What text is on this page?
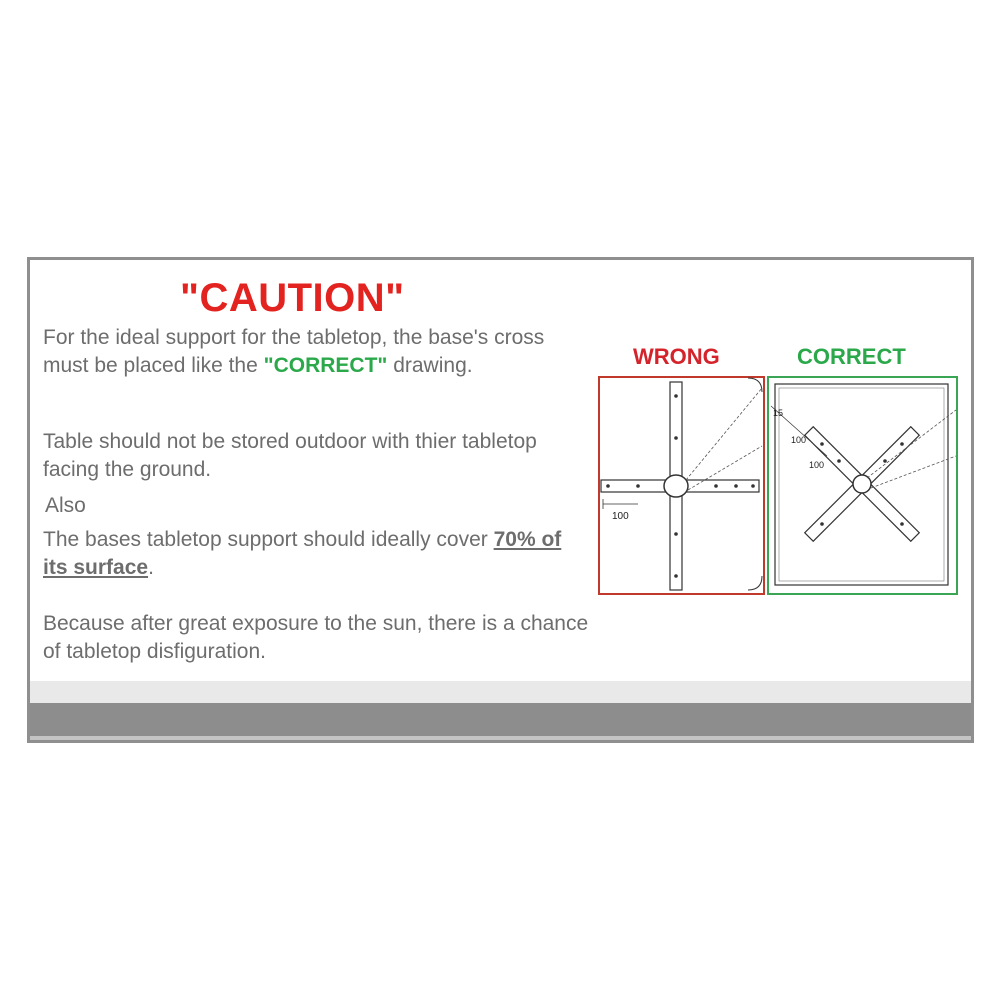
"CAUTION"

For the ideal support for the tabletop, the base's cross must be placed like the "CORRECT" drawing.

Table should not be stored outdoor with thier tabletop facing the ground.

Also

The bases tabletop support should ideally cover 70% of its surface.

Because after great exposure to the sun, there is a chance of tabletop disfiguration.

WRONG	CORRECT
100
15
100
100
